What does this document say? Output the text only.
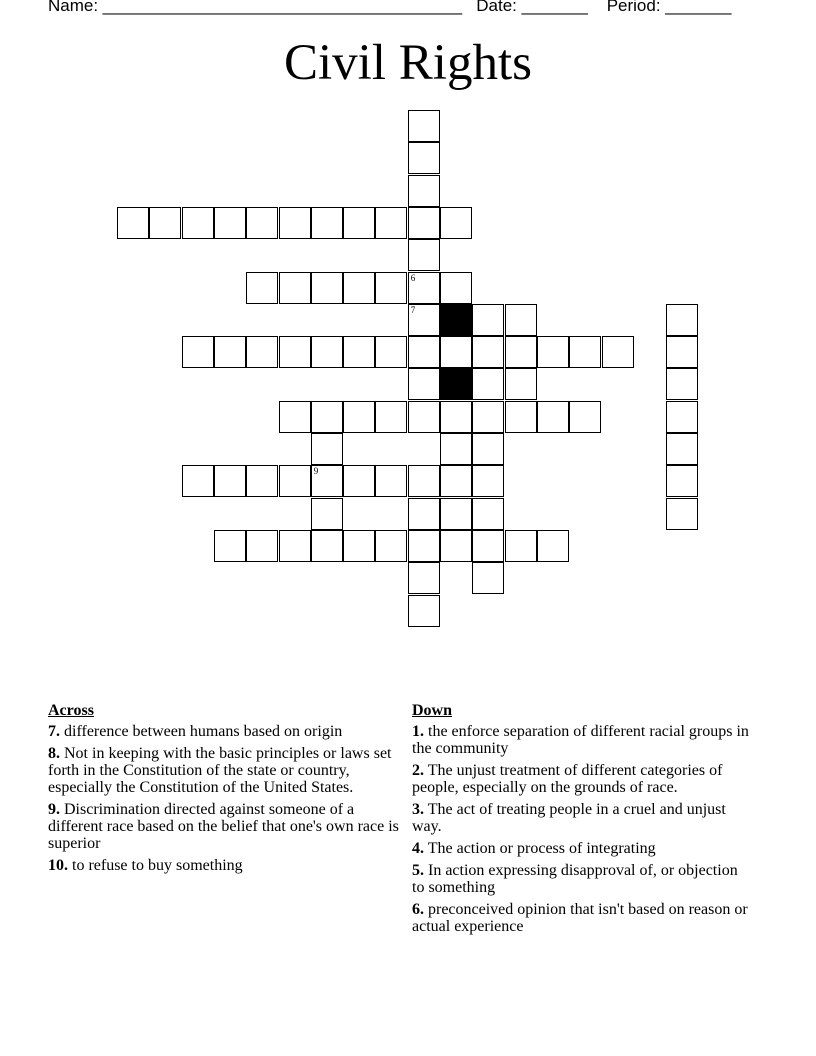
Name: ______________________________________ Date: _______ Period: _______
Civil Rights
6
9
7
Across
7. difference between humans based on origin
8. Not in keeping with the basic principles or laws set forth in the Constitution of the state or country, especially the Constitution of the United States.
9. Discrimination directed against someone of a different race based on the belief that one's own race is superior
10. to refuse to buy something
Down
1. the enforce separation of different racial groups in the community
2. The unjust treatment of different categories of people, especially on the grounds of race.
3. The act of treating people in a cruel and unjust way.
4. The action or process of integrating
5. In action expressing disapproval of, or objection to something
6. preconceived opinion that isn't based on reason or actual experience
